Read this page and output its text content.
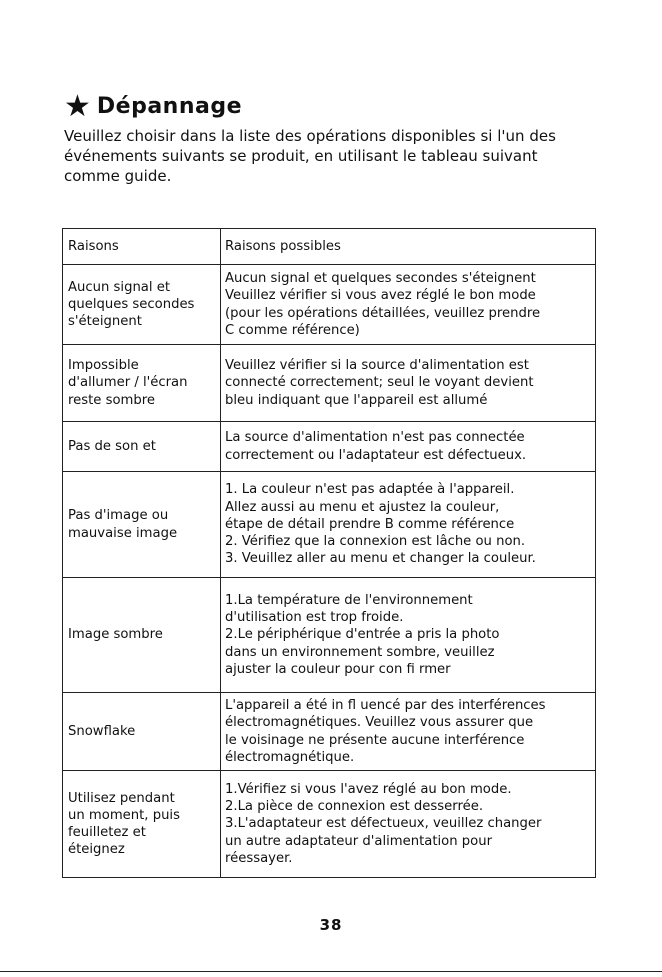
★ Dépannage

Veuillez choisir dans la liste des opérations disponibles si l'un des
événements suivants se produit, en utilisant le tableau suivant
comme guide.

Raisons	Raisons possibles
Aucun signal et
quelques secondes
s'éteignent	Aucun signal et quelques secondes s'éteignent
Veuillez vérifier si vous avez réglé le bon mode
(pour les opérations détaillées, veuillez prendre
C comme référence)
Impossible
d'allumer / l'écran
reste sombre	Veuillez vérifier si la source d'alimentation est
connecté correctement; seul le voyant devient
bleu indiquant que l'appareil est allumé
Pas de son et	La source d'alimentation n'est pas connectée
correctement ou l'adaptateur est défectueux.
Pas d'image ou
mauvaise image	1. La couleur n'est pas adaptée à l'appareil.
Allez aussi au menu et ajustez la couleur,
étape de détail prendre B comme référence
2. Vérifiez que la connexion est lâche ou non.
3. Veuillez aller au menu et changer la couleur.
Image sombre	1.La température de l'environnement
d'utilisation est trop froide.
2.Le périphérique d'entrée a pris la photo
dans un environnement sombre, veuillez
ajuster la couleur pour con fi rmer
Snowflake	L'appareil a été in fl uencé par des interférences
électromagnétiques. Veuillez vous assurer que
le voisinage ne présente aucune interférence
électromagnétique.
Utilisez pendant
un moment, puis
feuilletez et
éteignez	1.Vérifiez si vous l'avez réglé au bon mode.
2.La pièce de connexion est desserrée.
3.L'adaptateur est défectueux, veuillez changer
un autre adaptateur d'alimentation pour
réessayer.
38
